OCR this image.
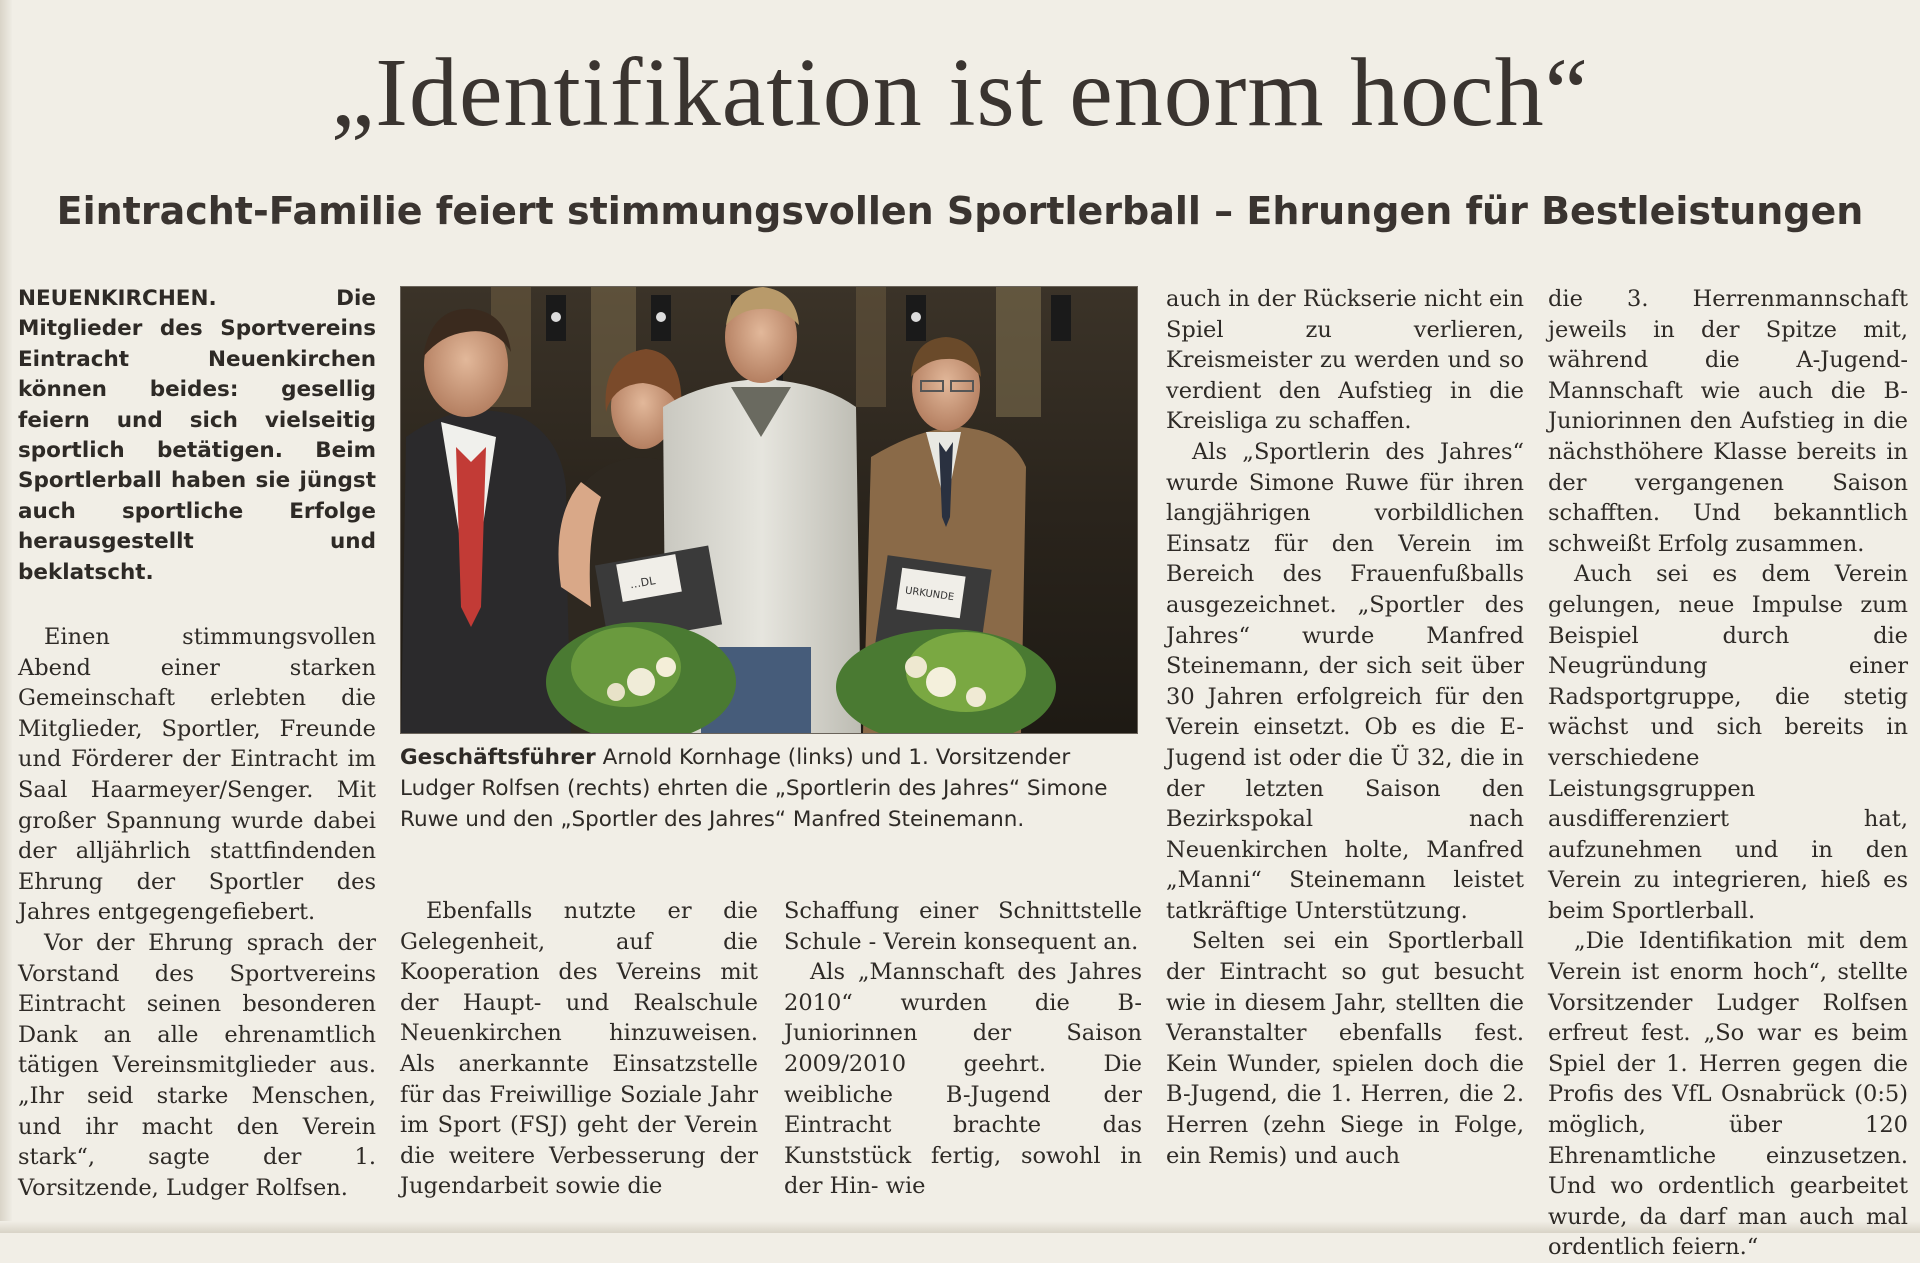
„Identifikation ist enorm hoch“
Eintracht-Familie feiert stimmungsvollen Sportlerball – Ehrungen für Bestleistungen

NEUENKIRCHEN. Die Mitglieder des Sportvereins Eintracht Neuenkirchen können beides: gesellig feiern und sich vielseitig sportlich betätigen. Beim Sportlerball haben sie jüngst auch sportliche Erfolge herausgestellt und beklatscht.

Einen stimmungsvollen Abend einer starken Gemeinschaft erlebten die Mitglieder, Sportler, Freunde und Förderer der Eintracht im Saal Haarmeyer/Senger. Mit großer Spannung wurde dabei der alljährlich stattfindenden Ehrung der Sportler des Jahres entgegengefiebert.

Vor der Ehrung sprach der Vorstand des Sportvereins Eintracht seinen besonderen Dank an alle ehrenamtlich tätigen Vereinsmitglieder aus. „Ihr seid starke Menschen, und ihr macht den Verein stark“, sagte der 1. Vorsitzende, Ludger Rolfsen.

…DL
URKUNDE

Geschäftsführer Arnold Kornhage (links) und 1. Vorsitzender Ludger Rolfsen (rechts) ehrten die „Sportlerin des Jahres“ Simone Ruwe und den „Sportler des Jahres“ Manfred Steinemann.

Ebenfalls nutzte er die Gelegenheit, auf die Kooperation des Vereins mit der Haupt- und Realschule Neuenkirchen hinzuweisen. Als anerkannte Einsatzstelle für das Freiwillige Soziale Jahr im Sport (FSJ) geht der Verein die weitere Verbesserung der Jugendarbeit sowie die

Schaffung einer Schnittstelle Schule - Verein konsequent an.

Als „Mannschaft des Jahres 2010“ wurden die B-Juniorinnen der Saison 2009/2010 geehrt. Die weibliche B-Jugend der Eintracht brachte das Kunststück fertig, sowohl in der Hin- wie

auch in der Rückserie nicht ein Spiel zu verlieren, Kreismeister zu werden und so verdient den Aufstieg in die Kreisliga zu schaffen.

Als „Sportlerin des Jahres“ wurde Simone Ruwe für ihren langjährigen vorbildlichen Einsatz für den Verein im Bereich des Frauenfußballs ausgezeichnet. „Sportler des Jahres“ wurde Manfred Steinemann, der sich seit über 30 Jahren erfolgreich für den Verein einsetzt. Ob es die E-Jugend ist oder die Ü 32, die in der letzten Saison den Bezirkspokal nach Neuenkirchen holte, Manfred „Manni“ Steinemann leistet tatkräftige Unterstützung.

Selten sei ein Sportlerball der Eintracht so gut besucht wie in diesem Jahr, stellten die Veranstalter ebenfalls fest. Kein Wunder, spielen doch die B-Jugend, die 1. Herren, die 2. Herren (zehn Siege in Folge, ein Remis) und auch

die 3. Herrenmannschaft jeweils in der Spitze mit, während die A-Jugend-Mannschaft wie auch die B-Juniorinnen den Aufstieg in die nächsthöhere Klasse bereits in der vergangenen Saison schafften. Und bekanntlich schweißt Erfolg zusammen.

Auch sei es dem Verein gelungen, neue Impulse zum Beispiel durch die Neugründung einer Radsportgruppe, die stetig wächst und sich bereits in verschiedene Leistungsgruppen ausdifferenziert hat, aufzunehmen und in den Verein zu integrieren, hieß es beim Sportlerball.

„Die Identifikation mit dem Verein ist enorm hoch“, stellte Vorsitzender Ludger Rolfsen erfreut fest. „So war es beim Spiel der 1. Herren gegen die Profis des VfL Osnabrück (0:5) möglich, über 120 Ehrenamtliche einzusetzen. Und wo ordentlich gearbeitet wurde, da darf man auch mal ordentlich feiern.“
